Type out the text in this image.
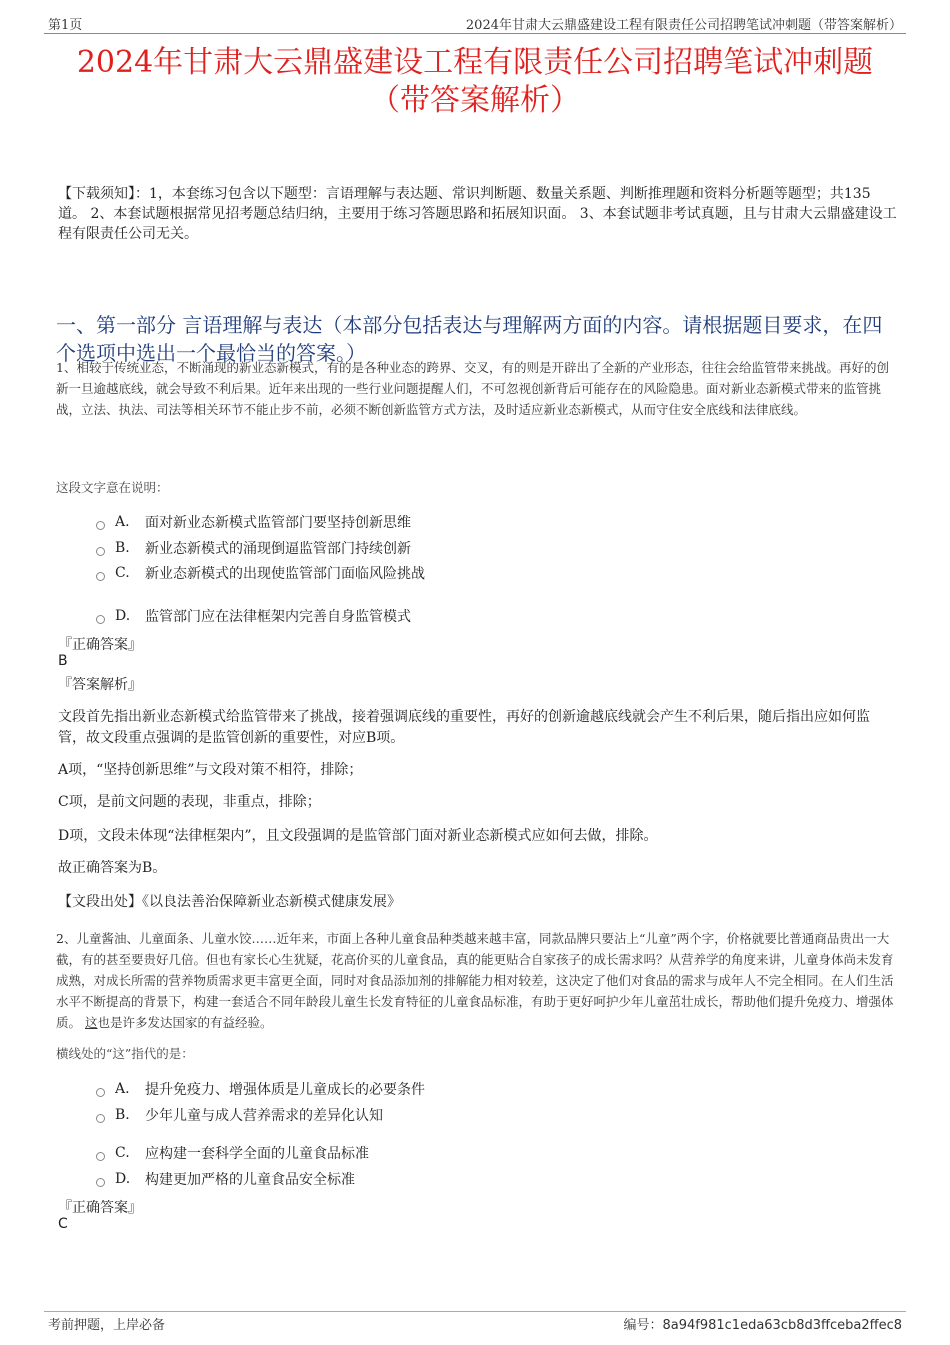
第1页	2024年甘肃大云鼎盛建设工程有限责任公司招聘笔试冲刺题（带答案解析）
2024年甘肃大云鼎盛建设工程有限责任公司招聘笔试冲刺题
（带答案解析）
【下载须知】：1，本套练习包含以下题型：言语理解与表达题、常识判断题、数量关系题、判断推理题和资料分析题等题型；共135道。 2、本套试题根据常见招考题总结归纳，主要用于练习答题思路和拓展知识面。 3、本套试题非考试真题，且与甘肃大云鼎盛建设工程有限责任公司无关。
一、第一部分 言语理解与表达（本部分包括表达与理解两方面的内容。请根据题目要求，在四个选项中选出一个最恰当的答案。）
1、相较于传统业态，不断涌现的新业态新模式，有的是各种业态的跨界、交叉，有的则是开辟出了全新的产业形态，往往会给监管带来挑战。再好的创新一旦逾越底线，就会导致不利后果。近年来出现的一些行业问题提醒人们，不可忽视创新背后可能存在的风险隐患。面对新业态新模式带来的监管挑战，立法、执法、司法等相关环节不能止步不前，必须不断创新监管方式方法，及时适应新业态新模式，从而守住安全底线和法律底线。
这段文字意在说明：
A.	面对新业态新模式监管部门要坚持创新思维
B.	新业态新模式的涌现倒逼监管部门持续创新
C.	新业态新模式的出现使监管部门面临风险挑战
D.	监管部门应在法律框架内完善自身监管模式
『正确答案』
B
『答案解析』
文段首先指出新业态新模式给监管带来了挑战，接着强调底线的重要性，再好的创新逾越底线就会产生不利后果，随后指出应如何监管，故文段重点强调的是监管创新的重要性，对应B项。
A项，“坚持创新思维”与文段对策不相符，排除；
C项，是前文问题的表现，非重点，排除；
D项，文段未体现“法律框架内”，且文段强调的是监管部门面对新业态新模式应如何去做，排除。
故正确答案为B。
【文段出处】《以良法善治保障新业态新模式健康发展》
2、儿童酱油、儿童面条、儿童水饺……近年来，市面上各种儿童食品种类越来越丰富，同款品牌只要沾上“儿童”两个字，价格就要比普通商品贵出一大截，有的甚至要贵好几倍。但也有家长心生犹疑，花高价买的儿童食品，真的能更贴合自家孩子的成长需求吗？从营养学的角度来讲，儿童身体尚未发育成熟，对成长所需的营养物质需求更丰富更全面，同时对食品添加剂的排解能力相对较差，这决定了他们对食品的需求与成年人不完全相同。在人们生活水平不断提高的背景下，构建一套适合不同年龄段儿童生长发育特征的儿童食品标准，有助于更好呵护少年儿童茁壮成长，帮助他们提升免疫力、增强体质。 这也是许多发达国家的有益经验。
横线处的“这”指代的是：
A.	提升免疫力、增强体质是儿童成长的必要条件
B.	少年儿童与成人营养需求的差异化认知
C.	应构建一套科学全面的儿童食品标准
D.	构建更加严格的儿童食品安全标准
『正确答案』
C
考前押题，上岸必备	编号：8a94f981c1eda63cb8d3ffceba2ffec8
